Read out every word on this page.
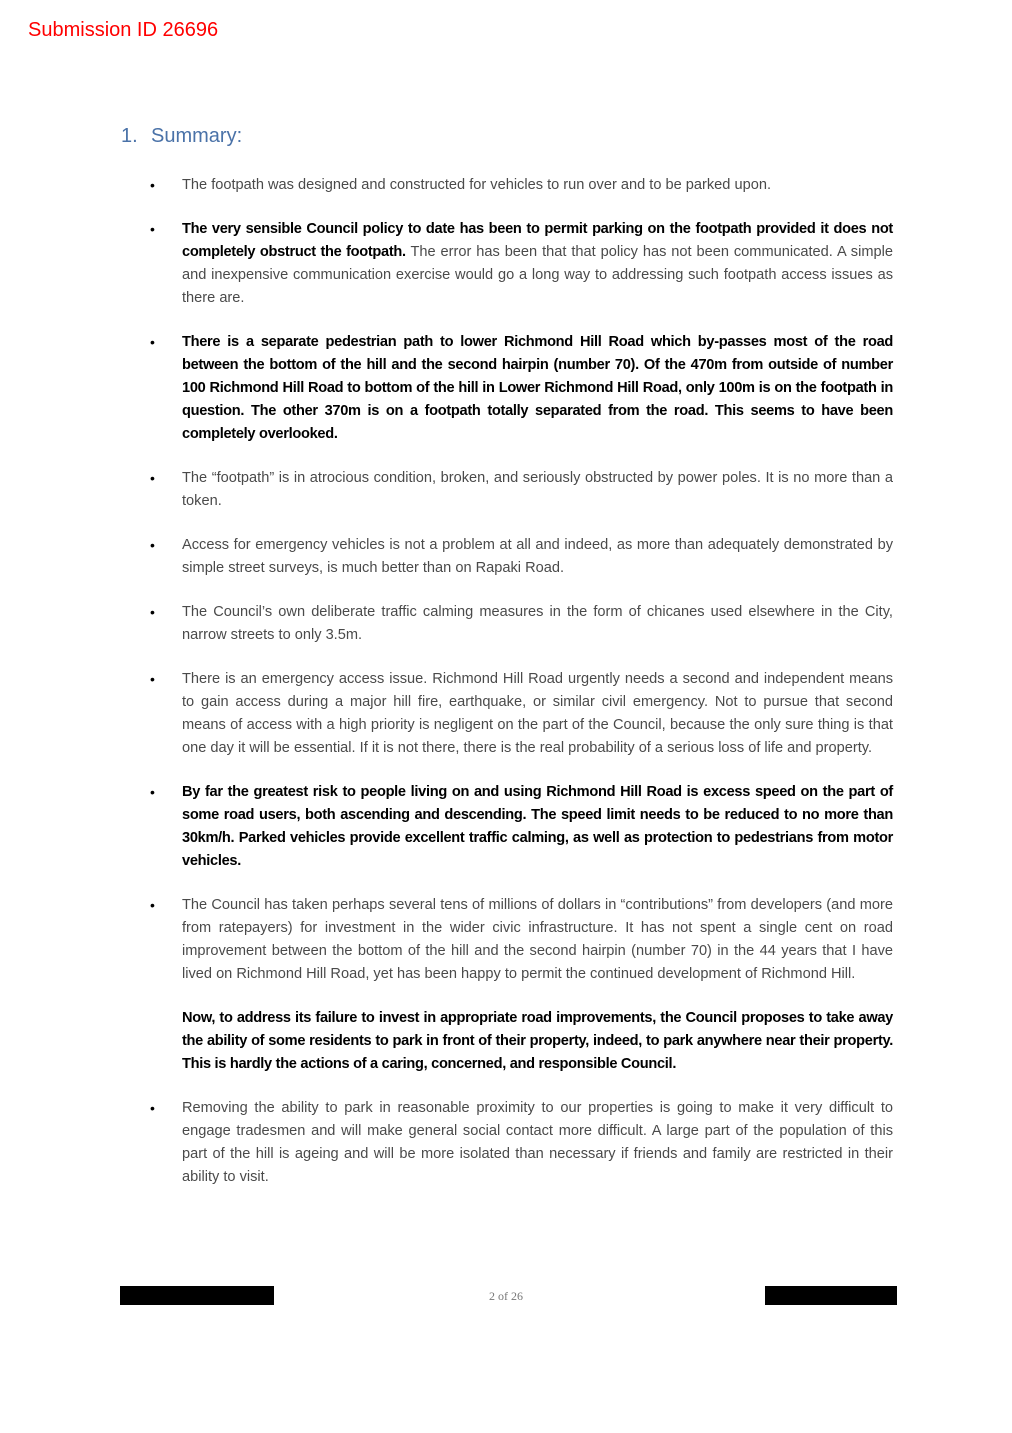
Submission ID 26696
1. Summary:
•	The footpath was designed and constructed for vehicles to run over and to be parked upon.

•	The very sensible Council policy to date has been to permit parking on the footpath provided it does not completely obstruct the footpath. The error has been that that policy has not been communicated. A simple and inexpensive communication exercise would go a long way to addressing such footpath access issues as there are.

•	There is a separate pedestrian path to lower Richmond Hill Road which by-passes most of the road between the bottom of the hill and the second hairpin (number 70). Of the 470m from outside of number 100 Richmond Hill Road to bottom of the hill in Lower Richmond Hill Road, only 100m is on the footpath in question. The other 370m is on a footpath totally separated from the road. This seems to have been completely overlooked.

•	The “footpath” is in atrocious condition, broken, and seriously obstructed by power poles. It is no more than a token.

•	Access for emergency vehicles is not a problem at all and indeed, as more than adequately demonstrated by simple street surveys, is much better than on Rapaki Road.

•	The Council’s own deliberate traffic calming measures in the form of chicanes used elsewhere in the City, narrow streets to only 3.5m.

•	There is an emergency access issue. Richmond Hill Road urgently needs a second and independent means to gain access during a major hill fire, earthquake, or similar civil emergency. Not to pursue that second means of access with a high priority is negligent on the part of the Council, because the only sure thing is that one day it will be essential. If it is not there, there is the real probability of a serious loss of life and property.

•	By far the greatest risk to people living on and using Richmond Hill Road is excess speed on the part of some road users, both ascending and descending. The speed limit needs to be reduced to no more than 30km/h. Parked vehicles provide excellent traffic calming, as well as protection to pedestrians from motor vehicles.

•	The Council has taken perhaps several tens of millions of dollars in “contributions” from developers (and more from ratepayers) for investment in the wider civic infrastructure. It has not spent a single cent on road improvement between the bottom of the hill and the second hairpin (number 70) in the 44 years that I have lived on Richmond Hill Road, yet has been happy to permit the continued development of Richmond Hill.

Now, to address its failure to invest in appropriate road improvements, the Council proposes to take away the ability of some residents to park in front of their property, indeed, to park anywhere near their property. This is hardly the actions of a caring, concerned, and responsible Council.

•	Removing the ability to park in reasonable proximity to our properties is going to make it very difficult to engage tradesmen and will make general social contact more difficult. A large part of the population of this part of the hill is ageing and will be more isolated than necessary if friends and family are restricted in their ability to visit.

2 of 26
